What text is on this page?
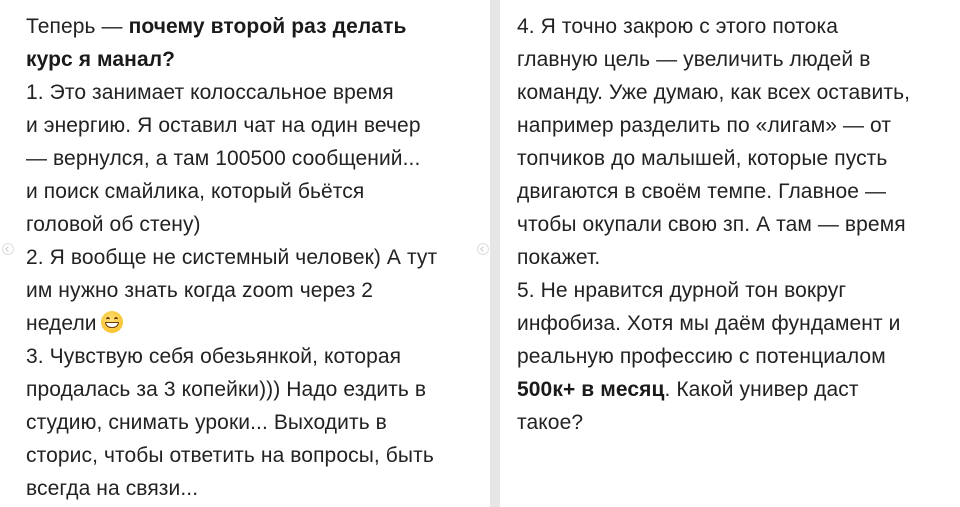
Теперь — почему второй раз делать
курс я манал?
1. Это занимает колоссальное время
и энергию. Я оставил чат на один вечер
— вернулся, а там 100500 сообщений...
и поиск смайлика, который бьётся
головой об стену)
2. Я вообще не системный человек) А тут
им нужно знать когда zoom через 2
недели
3. Чувствую себя обезьянкой, которая
продалась за 3 копейки))) Надо ездить в
студию, снимать уроки... Выходить в
сторис, чтобы ответить на вопросы, быть
всегда на связи...
4. Я точно закрою с этого потока
главную цель — увеличить людей в
команду. Уже думаю, как всех оставить,
например разделить по «лигам» — от
топчиков до малышей, которые пусть
двигаются в своём темпе. Главное —
чтобы окупали свою зп. А там — время
покажет.
5. Не нравится дурной тон вокруг
инфобиза. Хотя мы даём фундамент и
реальную профессию с потенциалом
500к+ в месяц. Какой универ даст
такое?
